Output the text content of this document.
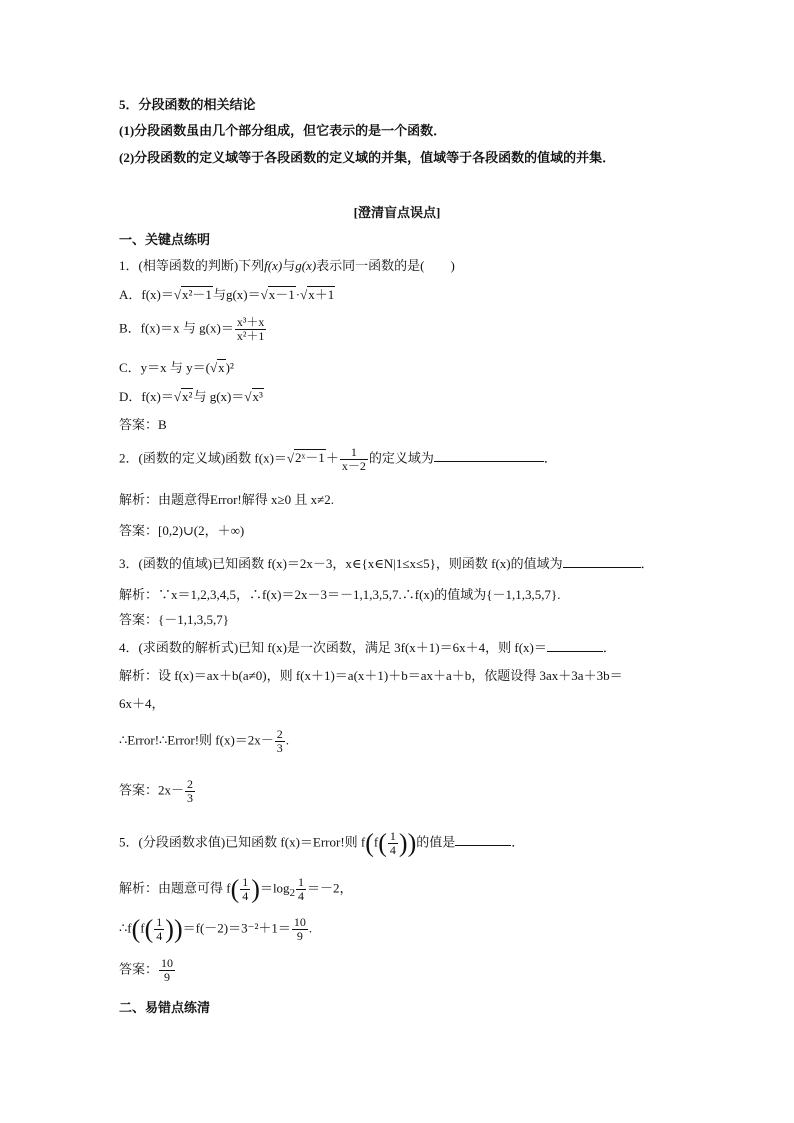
5．分段函数的相关结论
(1)分段函数虽由几个部分组成，但它表示的是一个函数．
(2)分段函数的定义域等于各段函数的定义域的并集，值域等于各段函数的值域的并集．
[澄清盲点误点]
一、关键点练明
1．(相等函数的判断)下列f(x)与g(x)表示同一函数的是(　　)
A．f(x)＝√x²－1与g(x)＝√x－1·√x＋1
B．f(x)＝x 与 $g(x)= \frac{\text{x³＋x}}{\text{x²＋1}}$
C．y＝x 与 y＝(√x)²
D．f(x)＝√x²与 g(x)＝√x³
答案：B
2．(函数的定义域)函数 f(x)＝√2ˣ－1＋ $\frac{1}{x-2}$ 的定义域为	．
解析：由题意得Error!解得 x≥0 且 x≠2.
答案：[0,2)∪(2，＋∞)
3．(函数的值域)已知函数 f(x)＝2x－3，x∈{x∈N|1≤x≤5}，则函数 f(x)的值域为	．
解析：∵x＝1,2,3,4,5，∴f(x)＝2x－3＝－1,1,3,5,7.∴f(x)的值域为{－1,1,3,5,7}.
答案：{－1,1,3,5,7}
4．(求函数的解析式)已知 f(x)是一次函数，满足 3f(x＋1)＝6x＋4，则 f(x)＝	．
解析：设 f(x)＝ax＋b(a≠0)，则 f(x＋1)＝a(x＋1)＋b＝ax＋a＋b，依题设得 3ax＋3a＋3b＝
6x＋4，
∴Error!∴Error!则 $f(x)=2x- \frac{2}{3}$ .
答案：$2x- \frac{2}{3}$
5．(分段函数求值)已知函数 f(x)＝Error!则 $f(f( \frac{1}{4}$ ))的值是	．
解析：由题意可得 $f( \frac{1}{4} )=\log_2 \frac{1}{4} =-2$，
∴f(f( $\frac{1}{4} ))=f(-2)=3^{-2}+1= \frac{10}{9}$ .
答案： $\frac{10}{9}$
二、易错点练清
